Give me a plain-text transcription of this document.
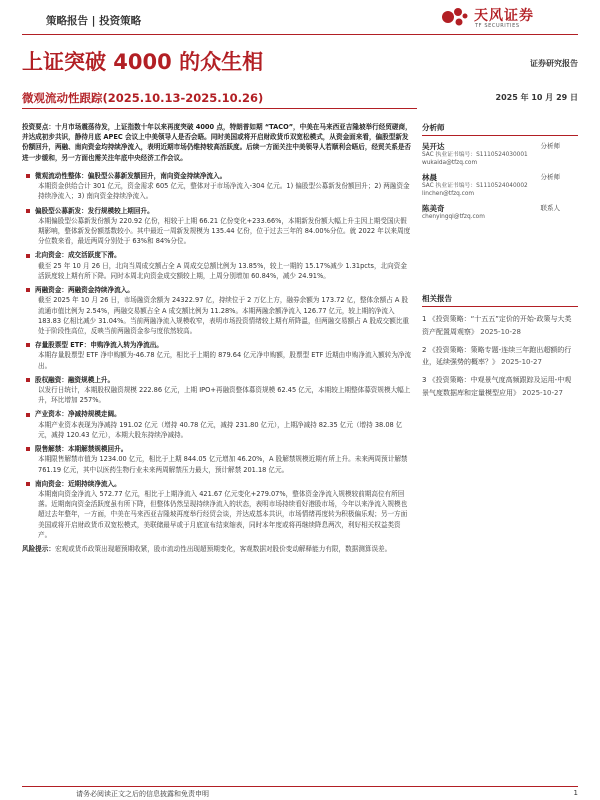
策略报告 | 投资策略	天风证券
TF SECURITIES
上证突破 4000 的众生相	证券研究报告
微观流动性跟踪(2025.10.13-2025.10.26)	2025 年 10 月 29 日
投资要点：十月市场震荡待发，上证指数十年以来再度突破 4000 点，特朗普如期 “TACO”，中美在马来西亚吉隆坡举行经贸磋商，并达成初步共识，静待月底 APEC 会议上中美领导人是否会晤。同时美国或将开启财政货币双宽松模式，从资金面来看，偏股型新发份额回升，两融、南向资金均持续净流入，表明近期市场仍维持较高活跃度。后续一方面关注中美领导人若顺利会晤后，经贸关系是否进一步缓和，另一方面也需关注年底中央经济工作会议。
微观流动性整体：偏股型公募新发额回升，南向资金持续净流入。
本期资金供给合计 301 亿元，资金需求 605 亿元，整体对于市场净流入-304 亿元。1) 偏股型公募新发份额回升；2) 两融资金持续净流入；3) 南向资金持续净流入。
偏股型公募新发：发行规模较上期回升。
本期偏股型公募新发份额为 220.92 亿份，相较于上期 66.21 亿份变化+233.66%，本期新发份额大幅上升主因上期受国庆假期影响，整体新发份额基数较小。其中最近一周新发规模为 135.44 亿份，位于过去三年的 84.00%分位。就 2022 年以来周度分位数来看，最近两周分别处于 63%和 84%分位。
北向资金：成交活跃度下滑。
截至 25 年 10 月 26 日，北向当周成交额占全 A 周成交总额比例为 13.85%，较上一期的 15.17%减少 1.31pcts，北向资金活跃度较上期有所下降。同时本周北向资金成交额较上期，上周分别增加 60.84%，减少 24.91%。
两融资金：两融资金持续净流入。
截至 2025 年 10 月 26 日，市场融资余额为 24322.97 亿，持续位于 2 万亿上方，融券余额为 173.72 亿，整体余额占 A 股流通市值比例为 2.54%，两融交易额占全 A 成交额比例为 11.28%。本期两融余额净流入 126.77 亿元，较上期的净流入 183.83 亿相比减少 31.04%。当前两融净流入规模收窄，表明市场投资情绪较上期有所降温，但两融交易额占 A 股成交额比重处于阶段性高位，反映当前两融资金参与度依然较高。
存量股票型 ETF：申购净流入转为净流出。
本期存量股票型 ETF 净申购额为-46.78 亿元，相比于上期的 879.64 亿元净申购额，股票型 ETF 近期由申购净流入额转为净流出。
股权融资：融资规模上升。
以发行日统计，本期股权融资规模 222.86 亿元，上期 IPO+再融资整体募资规模 62.45 亿元，本期较上期整体募资规模大幅上升，环比增加 257%。
产业资本：净减持规模走阔。
本期产业资本表现为净减持 191.02 亿元（增持 40.78 亿元，减持 231.80 亿元），上期净减持 82.35 亿元（增持 38.08 亿元，减持 120.43 亿元），本期大股东持续净减持。
限售解禁：本期解禁规模回升。
本期限售解禁市值为 1234.00 亿元，相比于上期 844.05 亿元增加 46.20%，A 股解禁规模近期有所上升。未来两周预计解禁 761.19 亿元，其中以医药生物行业未来两周解禁压力最大，预计解禁 201.18 亿元。
南向资金：近期持续净流入。
本期南向资金净流入 572.77 亿元，相比于上期净流入 421.67 亿元变化+279.07%，整体资金净流入规模较前期高位有所回落。近期南向资金活跃度虽有所下降，但整体仍然呈现持续净流入的状态，表明市场持续看好港股市场，今年以来净流入规模也超过去年整年，一方面，中美在马来西亚吉隆坡再度举行经贸会谈，并达成基本共识，市场情绪再度转为积极偏乐观；另一方面美国或将开启财政货币双宽松模式，美联储最早或于月底宣布结束缩表，同时本年度或将再继续降息两次，利好相关权益类资产。
风险提示：宏观或货币政策出现超预期收紧，股市流动性出现超预期变化，客观数据对股价变动解释能力有限，数据测算误差。
分析师
吴开达	分析师
SAC 执业证书编号：S1110524030001
wukaida@tfzq.com
林晨	分析师
SAC 执业证书编号：S1110524040002
linchen@tfzq.com
陈美奇	联系人
chenyingqi@tfzq.com
相关报告
1 《投资策略：“十五五”定价的开始-政策与大类资产配置周观察》 2025-10-28
2 《投资策略：策略专题-连续三年跑出超额的行业，延续强势的概率？》 2025-10-27
3 《投资策略：中观景气度高频跟踪及运用-中观景气度数据库和定量模型应用》 2025-10-27
请务必阅读正文之后的信息披露和免责申明	1
